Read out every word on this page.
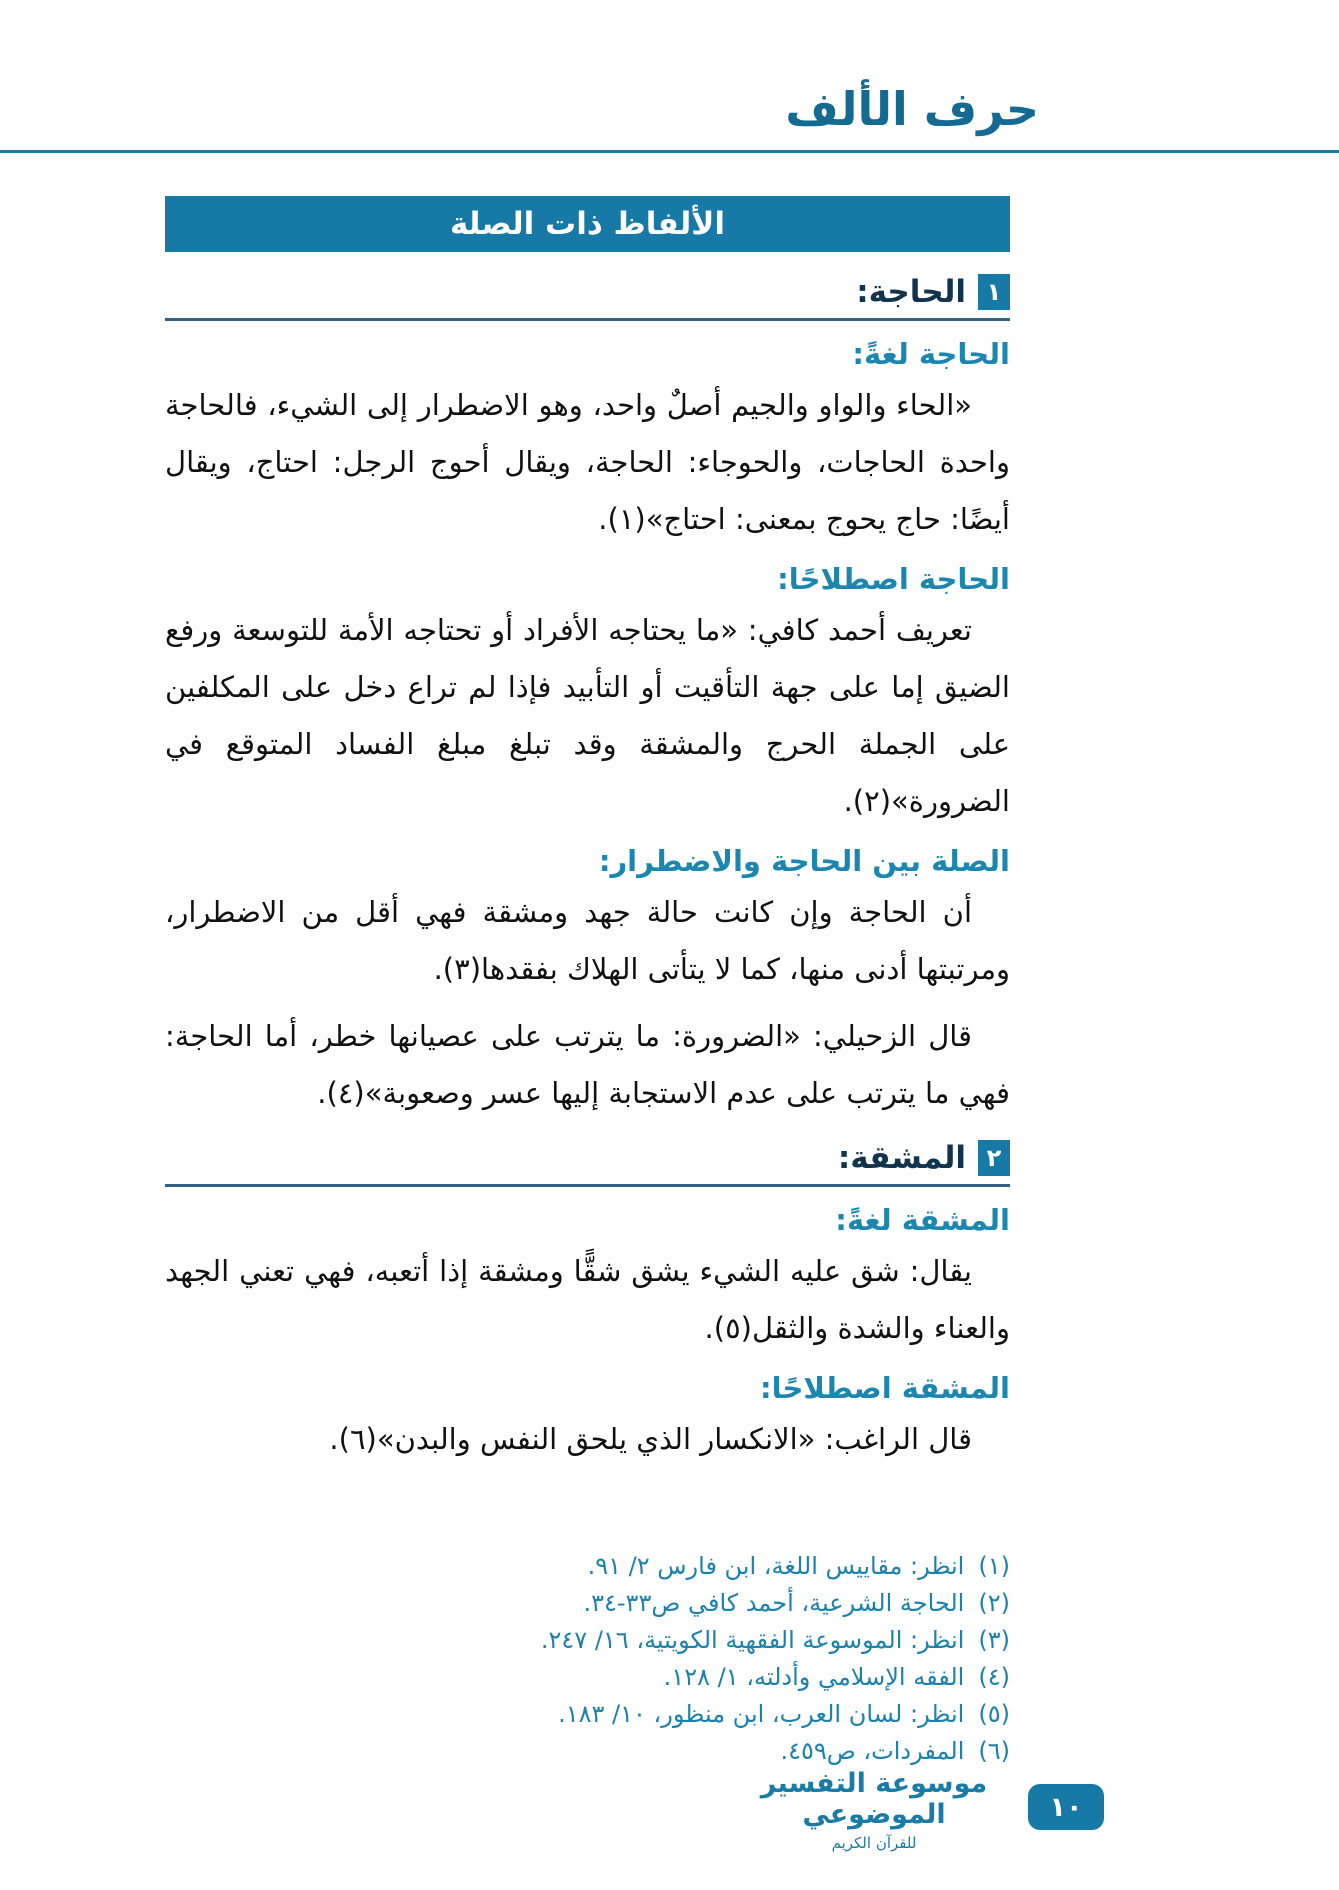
حرف الألف
الألفاظ ذات الصلة
١
الحاجة:
الحاجة لغةً:

«الحاء والواو والجيم أصلٌ واحد، وهو الاضطرار إلى الشيء، فالحاجة واحدة الحاجات، والحوجاء: الحاجة، ويقال أحوج الرجل: احتاج، ويقال أيضًا: حاج يحوج بمعنى: احتاج»(١).

الحاجة اصطلاحًا:

تعريف أحمد كافي: «ما يحتاجه الأفراد أو تحتاجه الأمة للتوسعة ورفع الضيق إما على جهة التأقيت أو التأبيد فإذا لم تراع دخل على المكلفين على الجملة الحرج والمشقة وقد تبلغ مبلغ الفساد المتوقع في الضرورة»(٢).

الصلة بين الحاجة والاضطرار:

أن الحاجة وإن كانت حالة جهد ومشقة فهي أقل من الاضطرار، ومرتبتها أدنى منها، كما لا يتأتى الهلاك بفقدها(٣).

قال الزحيلي: «الضرورة: ما يترتب على عصيانها خطر، أما الحاجة: فهي ما يترتب على عدم الاستجابة إليها عسر وصعوبة»(٤).

٢
المشقة:
المشقة لغةً:

يقال: شق عليه الشيء يشق شقًّا ومشقة إذا أتعبه، فهي تعني الجهد والعناء والشدة والثقل(٥).

المشقة اصطلاحًا:

قال الراغب: «الانكسار الذي يلحق النفس والبدن»(٦).

(١)
انظر: مقاييس اللغة، ابن فارس ٢/ ٩١.
(٢)
الحاجة الشرعية، أحمد كافي ص٣٣-٣٤.
(٣)
انظر: الموسوعة الفقهية الكويتية، ١٦/ ٢٤٧.
(٤)
الفقه الإسلامي وأدلته، ١/ ١٢٨.
(٥)
انظر: لسان العرب، ابن منظور، ١٠/ ١٨٣.
(٦)
المفردات، ص٤٥٩.
موسوعة التفسير الموضوعي
للقرآن الكريم
١٠
